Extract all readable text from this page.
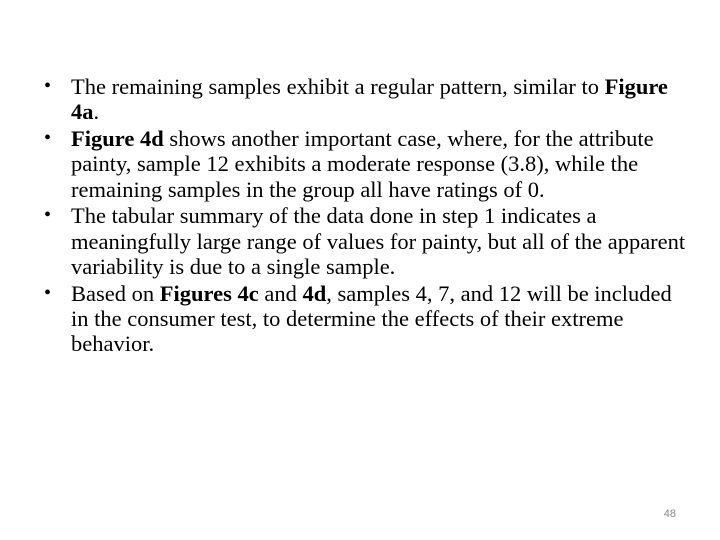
• The remaining samples exhibit a regular pattern, similar to Figure 4a.
• Figure 4d shows another important case, where, for the attribute painty, sample 12 exhibits a moderate response (3.8), while the remaining samples in the group all have ratings of 0.
• The tabular summary of the data done in step 1 indicates a meaningfully large range of values for painty, but all of the apparent variability is due to a single sample.
• Based on Figures 4c and 4d, samples 4, 7, and 12 will be included in the consumer test, to determine the effects of their extreme behavior.
48
